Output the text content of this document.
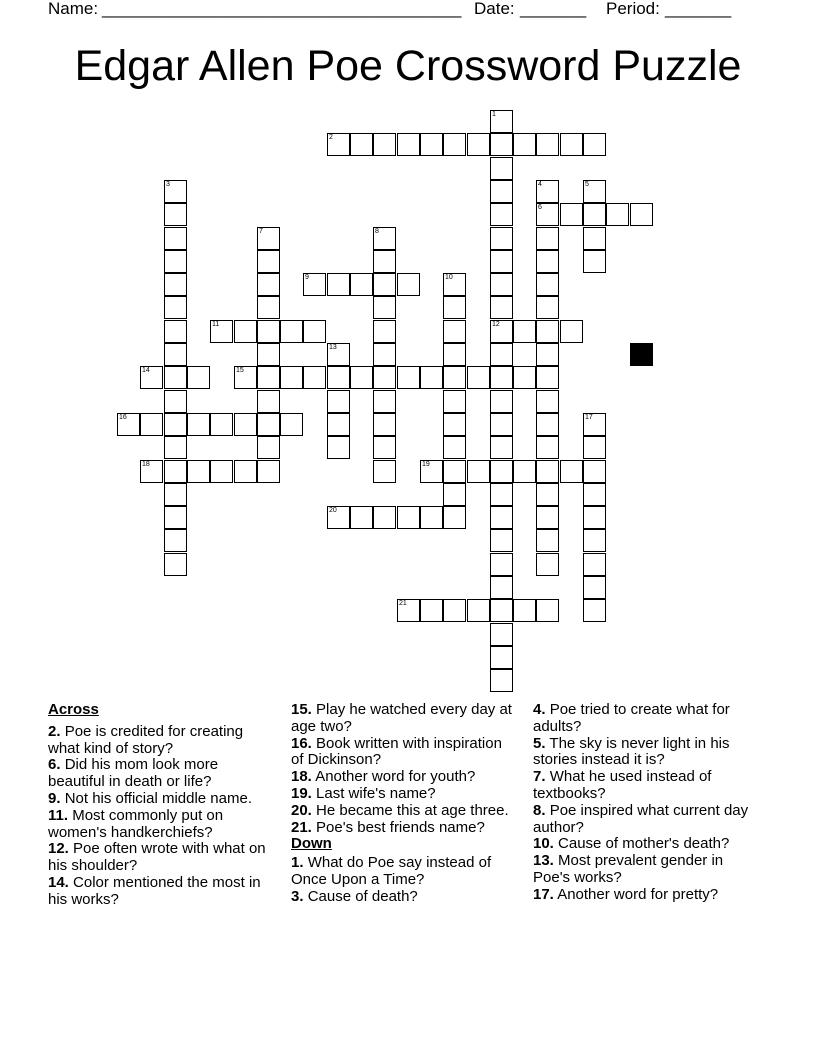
Name: ______________________________________ Date: _______ Period: _______
Edgar Allen Poe Crossword Puzzle
1
12
2
3	4
6
5
7	8
9	10
11
13
14	15
16	17
18	19
20
21

Across

2. Poe is credited for creating what kind of story?

6. Did his mom look more beautiful in death or life?

9. Not his official middle name.

11. Most commonly put on women's handkerchiefs?

12. Poe often wrote with what on his shoulder?

14. Color mentioned the most in his works?

15. Play he watched every day at age two?

16. Book written with inspiration of Dickinson?

18. Another word for youth?

19. Last wife's name?

20. He became this at age three.

21. Poe's best friends name?

Down

1. What do Poe say instead of Once Upon a Time?

3. Cause of death?

4. Poe tried to create what for adults?

5. The sky is never light in his stories instead it is?

7. What he used instead of textbooks?

8. Poe inspired what current day author?

10. Cause of mother's death?

13. Most prevalent gender in Poe's works?

17. Another word for pretty?
